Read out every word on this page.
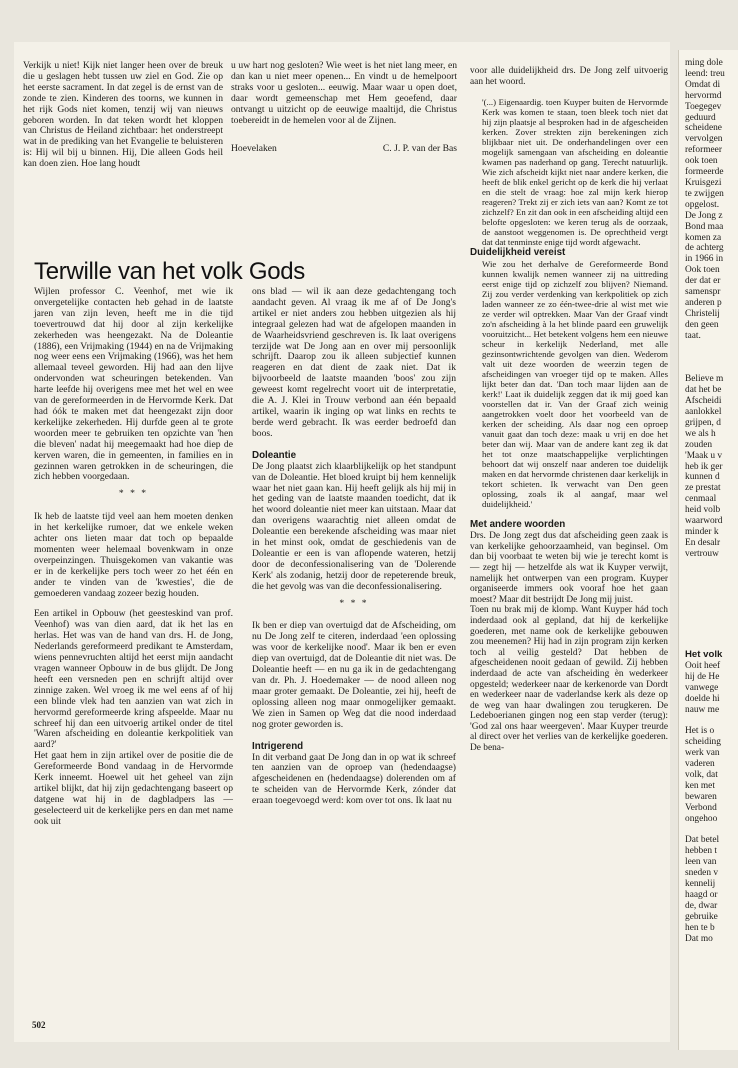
Verkijk u niet! Kijk niet langer heen over de breuk die u geslagen hebt tussen uw ziel en God. Zie op het eerste sacrament. In dat zegel is de ernst van de zonde te zien. Kinderen des toorns, we kunnen in het rijk Gods niet komen, tenzij wij van nieuws geboren worden. In dat teken wordt het kloppen van Christus de Heiland zichtbaar: het onderstreept wat in de prediking van het Evangelie te beluisteren is: Hij wil bij u binnen. Hij, Die alleen Gods heil kan doen zien. Hoe lang houdt

u uw hart nog gesloten? Wie weet is het niet lang meer, en dan kan u niet meer openen... En vindt u de hemelpoort straks voor u gesloten... eeuwig. Maar waar u open doet, daar wordt gemeenschap met Hem geoefend, daar ontvangt u uitzicht op de eeuwige maaltijd, die Christus toebereidt in de hemelen voor al de Zijnen.

Hoevelaken	C. J. P. van der Bas
Terwille van het volk Gods

Wijlen professor C. Veenhof, met wie ik onvergetelijke contacten heb gehad in de laatste jaren van zijn leven, heeft me in die tijd toevertrouwd dat hij door al zijn kerkelijke zekerheden was heengezakt. Na de Doleantie (1886), een Vrijmaking (1944) en na de Vrijmaking nog weer eens een Vrijmaking (1966), was het hem allemaal teveel geworden. Hij had aan den lijve ondervonden wat scheuringen betekenden. Van harte leefde hij overigens mee met het wel en wee van de gereformeerden in de Hervormde Kerk. Dat had óók te maken met dat heengezakt zijn door kerkelijke zekerheden. Hij durfde geen al te grote woorden meer te gebruiken ten opzichte van 'hen die bleven' nadat hij meegemaakt had hoe diep de kerven waren, die in gemeenten, in families en in gezinnen waren getrokken in de scheuringen, die zich hebben voorgedaan.

* * *

Ik heb de laatste tijd veel aan hem moeten denken in het kerkelijke rumoer, dat we enkele weken achter ons lieten maar dat toch op bepaalde momenten weer helemaal bovenkwam in onze overpeinzingen. Thuisgekomen van vakantie was er in de kerkelijke pers toch weer zo het één en ander te vinden van de 'kwesties', die de gemoederen vandaag zozeer bezig houden.

Een artikel in Opbouw (het geesteskind van prof. Veenhof) was van dien aard, dat ik het las en herlas. Het was van de hand van drs. H. de Jong, Nederlands gereformeerd predikant te Amsterdam, wiens pennevruchten altijd het eerst mijn aandacht vragen wanneer Opbouw in de bus glijdt. De Jong heeft een versneden pen en schrijft altijd over zinnige zaken. Wel vroeg ik me wel eens af of hij een blinde vlek had ten aanzien van wat zich in hervormd gereformeerde kring afspeelde. Maar nu schreef hij dan een uitvoerig artikel onder de titel 'Waren afscheiding en doleantie kerkpolitiek van aard?'

Het gaat hem in zijn artikel over de positie die de Gereformeerde Bond vandaag in de Hervormde Kerk inneemt. Hoewel uit het geheel van zijn artikel blijkt, dat hij zijn gedachtengang baseert op datgene wat hij in de dagbladpers las — geselecteerd uit de kerkelijke pers en dan met name ook uit

ons blad — wil ik aan deze gedachtengang toch aandacht geven. Al vraag ik me af of De Jong's artikel er niet anders zou hebben uitgezien als hij integraal gelezen had wat de afgelopen maanden in de Waarheidsvriend geschreven is. Ik laat overigens terzijde wat De Jong aan en over mij persoonlijk schrijft. Daarop zou ik alleen subjectief kunnen reageren en dat dient de zaak niet. Dat ik bijvoorbeeld de laatste maanden 'boos' zou zijn geweest komt regelrecht voort uit de interpretatie, die A. J. Klei in Trouw verbond aan één bepaald artikel, waarin ik inging op wat links en rechts te berde werd gebracht. Ik was eerder bedroefd dan boos.

Doleantie

De Jong plaatst zich klaarblijkelijk op het standpunt van de Doleantie. Het bloed kruipt bij hem kennelijk waar het niet gaan kan. Hij heeft gelijk als hij mij in het geding van de laatste maanden toedicht, dat ik het woord doleantie niet meer kan uitstaan. Maar dat dan overigens waarachtig niet alleen omdat de Doleantie een berekende afscheiding was maar niet in het minst ook, omdat de geschiedenis van de Doleantie er een is van aflopende wateren, hetzij door de deconfessionalisering van de 'Dolerende Kerk' als zodanig, hetzij door de repeterende breuk, die het gevolg was van die deconfessionalisering.

* * *

Ik ben er diep van overtuigd dat de Afscheiding, om nu De Jong zelf te citeren, inderdaad 'een oplossing was voor de kerkelijke nood'. Maar ik ben er even diep van overtuigd, dat de Doleantie dit niet was. De Doleantie heeft — en nu ga ik in de gedachtengang van dr. Ph. J. Hoedemaker — de nood alleen nog maar groter gemaakt. De Doleantie, zei hij, heeft de oplossing alleen nog maar onmogelijker gemaakt. We zien in Samen op Weg dat die nood inderdaad nog groter geworden is.

Intrigerend

In dit verband gaat De Jong dan in op wat ik schreef ten aanzien van de oproep van (hedendaagse) afgescheidenen en (hedendaagse) dolerenden om af te scheiden van de Hervormde Kerk, zónder dat eraan toegevoegd werd: kom over tot ons. Ik laat nu

voor alle duidelijkheid drs. De Jong zelf uitvoerig aan het woord.

'(...) Eigenaardig. toen Kuyper buiten de Hervormde Kerk was komen te staan, toen bleek toch niet dat hij zijn plaatsje al besproken had in de afgescheiden kerken. Zover strekten zijn berekeningen zich blijkbaar niet uit. De onderhandelingen over een mogelijk samengaan van afscheiding en doleantie kwamen pas naderhand op gang. Terecht natuurlijk. Wie zich afscheidt kijkt niet naar andere kerken, die heeft de blik enkel gericht op de kerk die hij verlaat en die stelt de vraag: hoe zal mijn kerk hierop reageren? Trekt zij er zich iets van aan? Komt ze tot zichzelf? En zit dan ook in een afscheiding altijd een belofte opgesloten: we keren terug als de oorzaak, de aanstoot weggenomen is. De oprechtheid vergt dat dat tenminste enige tijd wordt afgewacht.

Duidelijkheid vereist

Wie zou het derhalve de Gereformeerde Bond kunnen kwalijk nemen wanneer zij na uittreding eerst enige tijd op zichzelf zou blijven? Niemand. Zij zou verder verdenking van kerkpolitiek op zich laden wanneer ze zo één-twee-drie al wist met wie ze verder wil optrekken. Maar Van der Graaf vindt zo'n afscheiding à la het blinde paard een gruwelijk vooruitzicht... Het betekent volgens hem een nieuwe scheur in kerkelijk Nederland, met alle gezinsontwrichtende gevolgen van dien. Wederom valt uit deze woorden de weerzin tegen de afscheidingen van vroeger tijd op te maken. Alles lijkt beter dan dat. 'Dan toch maar lijden aan de kerk!' Laat ik duidelijk zeggen dat ik mij goed kan voorstellen dat ir. Van der Graaf zich weinig aangetrokken voelt door het voorbeeld van de kerken der scheiding. Als daar nog een oproep vanuit gaat dan toch deze: maak u vrij en doe het beter dan wij. Maar van de andere kant zeg ik dat het tot onze maatschappelijke verplichtingen behoort dat wij onszelf naar anderen toe duidelijk maken en dat hervormde christenen daar kerkelijk in tekort schieten. Ik verwacht van Den geen oplossing, zoals ik al aangaf, maar wel duidelijkheid.'

Met andere woorden

Drs. De Jong zegt dus dat afscheiding geen zaak is van kerkelijke gehoorzaamheid, van beginsel. Om dan bij voorbaat te weten bij wie je terecht komt is — zegt hij — hetzelfde als wat ik Kuyper verwijt, namelijk het ontwerpen van een program. Kuyper organiseerde immers ook vooraf hoe het gaan moest? Maar dit bestrijdt De Jong mij juist.

Toen nu brak mij de klomp. Want Kuyper hád toch inderdaad ook al gepland, dat hij de kerkelijke goederen, met name ook de kerkelijke gebouwen zou meenemen? Hij had in zijn program zijn kerken toch al veilig gesteld? Dat hebben de afgescheidenen nooit gedaan of gewild. Zij hebben inderdaad de acte van afscheiding èn wederkeer opgesteld; wederkeer naar de kerkenorde van Dordt en wederkeer naar de vaderlandse kerk als deze op de weg van haar dwalingen zou terugkeren. De Ledeboerianen gingen nog een stap verder (terug): 'God zal ons haar weergeven'. Maar Kuyper treurde al direct over het verlies van de kerkelijke goederen. De bena-

502
ming dole
leend: treu
Omdat di
hervormd
Toegegev
geduurd
scheidene
vervolgen
reformeer
ook toen
formeerde
Kruisgezi
te zwijgen
opgelost.
De Jong z
Bond maa
komen za
de achterg
in 1966 in
Ook toen
der dat er
samenspr
anderen p
Christelij
den geen
taat.

Believe m
dat het be
Afscheidi
aanlokkel
grijpen, d
we als h
zouden
'Maak u v
heb ik ger
kunnen d
ze prestat
cenmaal
heid volb
waarword
minder k
En desalr
vertrouw
Het volk
Ooit heef
hij de He
vanwege
doelde hi
nauw me

Het is o
scheiding
werk van
vaderen
volk, dat
ken met
bewaren
Verbond
ongehoo

Dat betel
hebben t
leen van
sneden v
kennelij
haagd or
de, dwar
gebruike
hen te b
Dat mo
